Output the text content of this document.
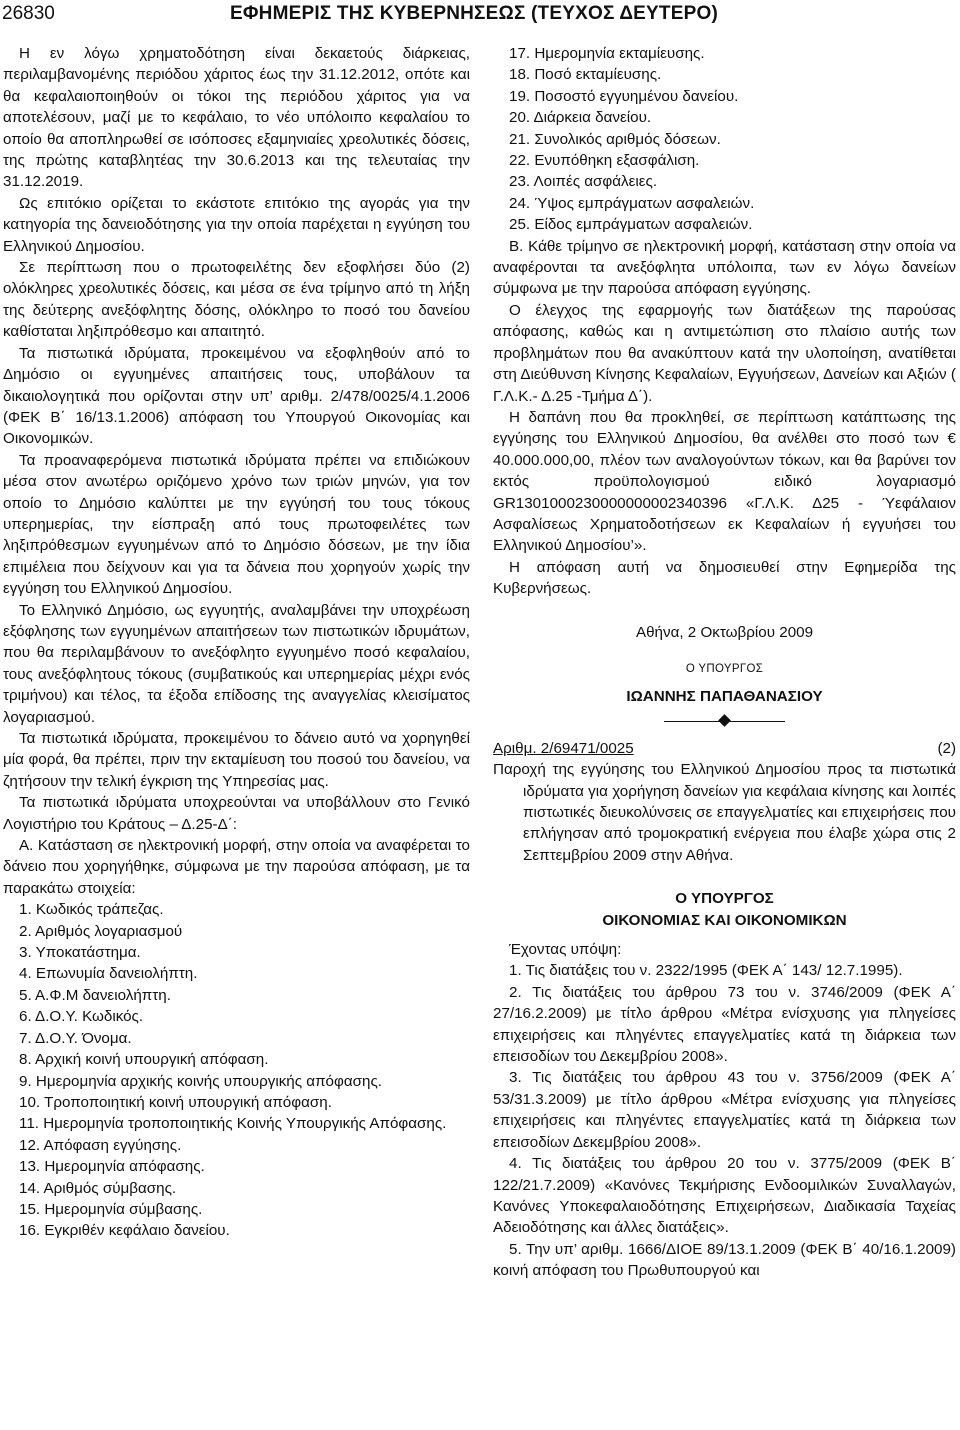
26830	ΕΦΗΜΕΡΙΣ ΤΗΣ ΚΥΒΕΡΝΗΣΕΩΣ (ΤΕΥΧΟΣ ΔΕΥΤΕΡΟ)

Η εν λόγω χρηματοδότηση είναι δεκαετούς διάρκειας, περιλαμβανομένης περιόδου χάριτος έως την 31.12.2012, οπότε και θα κεφαλαιοποιηθούν οι τόκοι της περιόδου χάριτος για να αποτελέσουν, μαζί με το κεφάλαιο, το νέο υπόλοιπο κεφαλαίου το οποίο θα αποπληρωθεί σε ισόποσες εξαμηνιαίες χρεολυτικές δόσεις, της πρώτης καταβλητέας την 30.6.2013 και της τελευταίας την 31.12.2019.

Ως επιτόκιο ορίζεται το εκάστοτε επιτόκιο της αγοράς για την κατηγορία της δανειοδότησης για την οποία παρέχεται η εγγύηση του Ελληνικού Δημοσίου.

Σε περίπτωση που ο πρωτοφειλέτης δεν εξοφλήσει δύο (2) ολόκληρες χρεολυτικές δόσεις, και μέσα σε ένα τρίμηνο από τη λήξη της δεύτερης ανεξόφλητης δόσης, ολόκληρο το ποσό του δανείου καθίσταται ληξιπρόθεσμο και απαιτητό.

Τα πιστωτικά ιδρύματα, προκειμένου να εξοφληθούν από το Δημόσιο οι εγγυημένες απαιτήσεις τους, υποβάλουν τα δικαιολογητικά που ορίζονται στην υπ’ αριθμ. 2/478/0025/4.1.2006 (ΦΕΚ Β΄ 16/13.1.2006) απόφαση του Υπουργού Οικονομίας και Οικονομικών.

Τα προαναφερόμενα πιστωτικά ιδρύματα πρέπει να επιδιώκουν μέσα στον ανωτέρω οριζόμενο χρόνο των τριών μηνών, για τον οποίο το Δημόσιο καλύπτει με την εγγύησή του τους τόκους υπερημερίας, την είσπραξη από τους πρωτοφειλέτες των ληξιπρόθεσμων εγγυημένων από το Δημόσιο δόσεων, με την ίδια επιμέλεια που δείχνουν και για τα δάνεια που χορηγούν χωρίς την εγγύηση του Ελληνικού Δημοσίου.

Το Ελληνικό Δημόσιο, ως εγγυητής, αναλαμβάνει την υποχρέωση εξόφλησης των εγγυημένων απαιτήσεων των πιστωτικών ιδρυμάτων, που θα περιλαμβάνουν το ανεξόφλητο εγγυημένο ποσό κεφαλαίου, τους ανεξόφλητους τόκους (συμβατικούς και υπερημερίας μέχρι ενός τριμήνου) και τέλος, τα έξοδα επίδοσης της αναγγελίας κλεισίματος λογαριασμού.

Τα πιστωτικά ιδρύματα, προκειμένου το δάνειο αυτό να χορηγηθεί μία φορά, θα πρέπει, πριν την εκταμίευση του ποσού του δανείου, να ζητήσουν την τελική έγκριση της Υπηρεσίας μας.

Τα πιστωτικά ιδρύματα υποχρεούνται να υποβάλλουν στο Γενικό Λογιστήριο του Κράτους – Δ.25-Δ΄:

Α. Κατάσταση σε ηλεκτρονική μορφή, στην οποία να αναφέρεται το δάνειο που χορηγήθηκε, σύμφωνα με την παρούσα απόφαση, με τα παρακάτω στοιχεία:

1. Κωδικός τράπεζας.

2. Αριθμός λογαριασμού

3. Υποκατάστημα.

4. Επωνυμία δανειολήπτη.

5. Α.Φ.Μ δανειολήπτη.

6. Δ.Ο.Υ. Κωδικός.

7. Δ.Ο.Υ. Όνομα.

8. Αρχική κοινή υπουργική απόφαση.

9. Ημερομηνία αρχικής κοινής υπουργικής απόφασης.

10. Τροποποιητική κοινή υπουργική απόφαση.

11. Ημερομηνία τροποποιητικής Κοινής Υπουργικής Απόφασης.

12. Απόφαση εγγύησης.

13. Ημερομηνία απόφασης.

14. Αριθμός σύμβασης.

15. Ημερομηνία σύμβασης.

16. Εγκριθέν κεφάλαιο δανείου.

17. Ημερομηνία εκταμίευσης.

18. Ποσό εκταμίευσης.

19. Ποσοστό εγγυημένου δανείου.

20. Διάρκεια δανείου.

21. Συνολικός αριθμός δόσεων.

22. Ενυπόθηκη εξασφάλιση.

23. Λοιπές ασφάλειες.

24. Ύψος εμπράγματων ασφαλειών.

25. Είδος εμπράγματων ασφαλειών.

Β. Κάθε τρίμηνο σε ηλεκτρονική μορφή, κατάσταση στην οποία να αναφέρονται τα ανεξόφλητα υπόλοιπα, των εν λόγω δανείων σύμφωνα με την παρούσα απόφαση εγγύησης.

Ο έλεγχος της εφαρμογής των διατάξεων της παρούσας απόφασης, καθώς και η αντιμετώπιση στο πλαίσιο αυτής των προβλημάτων που θα ανακύπτουν κατά την υλοποίηση, ανατίθεται στη Διεύθυνση Κίνησης Κεφαλαίων, Εγγυήσεων, Δανείων και Αξιών ( Γ.Λ.Κ.- Δ.25 -Τμήμα Δ΄).

Η δαπάνη που θα προκληθεί, σε περίπτωση κατάπτωσης της εγγύησης του Ελληνικού Δημοσίου, θα ανέλθει στο ποσό των € 40.000.000,00, πλέον των αναλογούντων τόκων, και θα βαρύνει τον εκτός προϋπολογισμού ειδικό λογαριασμό GR1301000230000000002340396 «Γ.Λ.Κ. Δ25 - Ύεφάλαιον Ασφαλίσεως Χρηματοδοτήσεων εκ Κεφαλαίων ή εγγυήσει του Ελληνικού Δημοσίου’».

Η απόφαση αυτή να δημοσιευθεί στην Εφημερίδα της Κυβερνήσεως.

Αθήνα, 2 Οκτωβρίου 2009

Ο ΥΠΟΥΡΓΟΣ

ΙΩΑΝΝΗΣ ΠΑΠΑΘΑΝΑΣΙΟΥ

Αριθμ. 2/69471/0025	(2)

Παροχή της εγγύησης του Ελληνικού Δημοσίου προς τα πιστωτικά ιδρύματα για χορήγηση δανείων για κεφάλαια κίνησης και λοιπές πιστωτικές διευκολύνσεις σε επαγγελματίες και επιχειρήσεις που επλήγησαν από τρομοκρατική ενέργεια που έλαβε χώρα στις 2 Σεπτεμβρίου 2009 στην Αθήνα.

Ο ΥΠΟΥΡΓΟΣ

ΟΙΚΟΝΟΜΙΑΣ ΚΑΙ ΟΙΚΟΝΟΜΙΚΩΝ

Έχοντας υπόψη:

1. Τις διατάξεις του ν. 2322/1995 (ΦΕΚ Α΄ 143/ 12.7.1995).

2. Τις διατάξεις του άρθρου 73 του ν. 3746/2009 (ΦΕΚ Α΄ 27/16.2.2009) με τίτλο άρθρου «Μέτρα ενίσχυσης για πληγείσες επιχειρήσεις και πληγέντες επαγγελματίες κατά τη διάρκεια των επεισοδίων του Δεκεμβρίου 2008».

3. Τις διατάξεις του άρθρου 43 του ν. 3756/2009 (ΦΕΚ Α΄ 53/31.3.2009) με τίτλο άρθρου «Μέτρα ενίσχυσης για πληγείσες επιχειρήσεις και πληγέντες επαγγελματίες κατά τη διάρκεια των επεισοδίων Δεκεμβρίου 2008».

4. Τις διατάξεις του άρθρου 20 του ν. 3775/2009 (ΦΕΚ Β΄ 122/21.7.2009) «Κανόνες Τεκμήρισης Ενδοομιλικών Συναλλαγών, Κανόνες Υποκεφαλαιοδότησης Επιχειρήσεων, Διαδικασία Ταχείας Αδειοδότησης και άλλες διατάξεις».

5. Την υπ’ αριθμ. 1666/ΔΙΟΕ 89/13.1.2009 (ΦΕΚ Β΄ 40/16.1.2009) κοινή απόφαση του Πρωθυπουργού και
